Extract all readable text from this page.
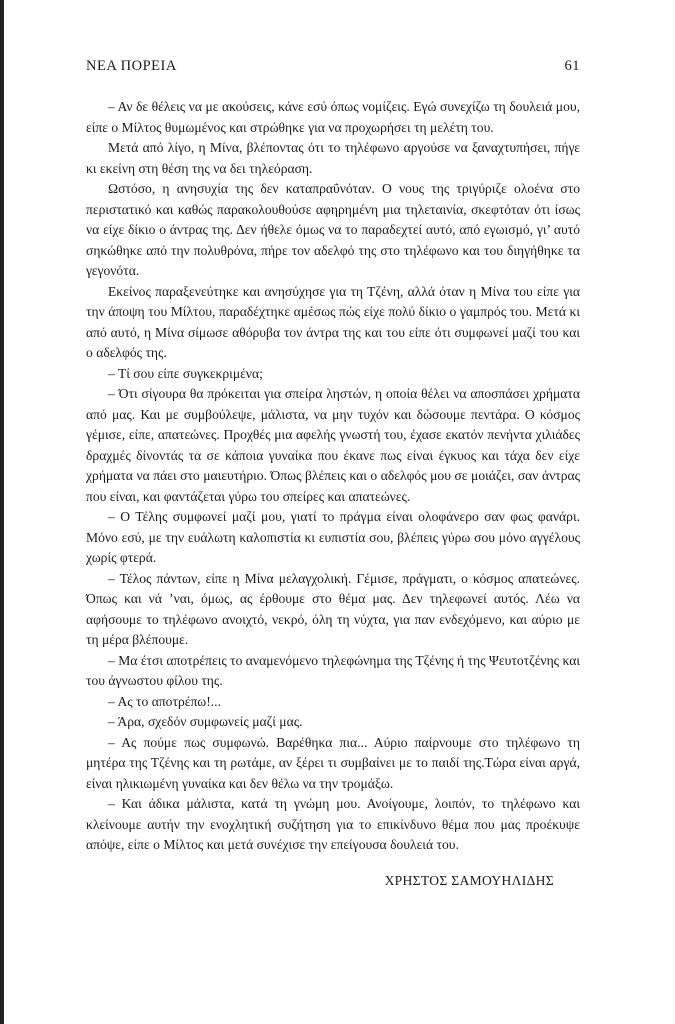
ΝΕΑ ΠΟΡΕΙΑ	61

– Αν δε θέλεις να με ακούσεις, κάνε εσύ όπως νομίζεις. Εγώ συνεχίζω τη δουλειά μου, είπε ο Μίλτος θυμωμένος και στρώθηκε για να προχωρήσει τη μελέτη του.

Μετά από λίγο, η Μίνα, βλέποντας ότι το τηλέφωνο αργούσε να ξαναχτυπήσει, πήγε κι εκείνη στη θέση της να δει τηλεόραση.

Ωστόσο, η ανησυχία της δεν καταπραΰνόταν. Ο νους της τριγύριζε ολοένα στο περιστατικό και καθώς παρακολουθούσε αφηρημένη μια τηλεταινία, σκεφτόταν ότι ίσως να είχε δίκιο ο άντρας της. Δεν ήθελε όμως να το παραδεχτεί αυτό, από εγωισμό, γι’ αυτό σηκώθηκε από την πολυθρόνα, πήρε τον αδελφό της στο τηλέφωνο και του διηγήθηκε τα γεγονότα.

Εκείνος παραξενεύτηκε και ανησύχησε για τη Τζένη, αλλά όταν η Μίνα του είπε για την άποψη του Μίλτου, παραδέχτηκε αμέσως πώς είχε πολύ δίκιο ο γαμπρός του. Μετά κι από αυτό, η Μίνα σίμωσε αθόρυβα τον άντρα της και του είπε ότι συμφωνεί μαζί του και ο αδελφός της.

– Τί σου είπε συγκεκριμένα;

– Ότι σίγουρα θα πρόκειται για σπείρα ληστών, η οποία θέλει να αποσπάσει χρήματα από μας. Και με συμβούλεψε, μάλιστα, να μην τυχόν και δώσουμε πεντάρα. Ο κόσμος γέμισε, είπε, απατεώνες. Προχθές μια αφελής γνωστή του, έχασε εκατόν πενήντα χιλιάδες δραχμές δίνοντάς τα σε κάποια γυναίκα που έκανε πως είναι έγκυος και τάχα δεν είχε χρήματα να πάει στο μαιευτήριο. Όπως βλέπεις και ο αδελφός μου σε μοιάζει, σαν άντρας που είναι, και φαντάζεται γύρω του σπείρες και απατεώνες.

– Ο Τέλης συμφωνεί μαζί μου, γιατί το πράγμα είναι ολοφάνερο σαν φως φανάρι. Μόνο εσύ, με την ευάλωτη καλοπιστία κι ευπιστία σου, βλέπεις γύρω σου μόνο αγγέλους χωρίς φτερά.

– Τέλος πάντων, είπε η Μίνα μελαγχολική. Γέμισε, πράγματι, ο κόσμος απατεώνες. Όπως και νά ’ναι, όμως, ας έρθουμε στο θέμα μας. Δεν τηλεφωνεί αυτός. Λέω να αφήσουμε το τηλέφωνο ανοιχτό, νεκρό, όλη τη νύχτα, για παν ενδεχόμενο, και αύριο με τη μέρα βλέπουμε.

– Μα έτσι αποτρέπεις το αναμενόμενο τηλεφώνημα της Τζένης ή της Ψευτοτζένης και του άγνωστου φίλου της.

– Ας το αποτρέπω!...

– Άρα, σχεδόν συμφωνείς μαζί μας.

– Ας πούμε πως συμφωνώ. Βαρέθηκα πια... Αύριο παίρνουμε στο τηλέφωνο τη μητέρα της Τζένης και τη ρωτάμε, αν ξέρει τι συμβαίνει με το παιδί της.Τώρα είναι αργά, είναι ηλικιωμένη γυναίκα και δεν θέλω να την τρομάξω.

– Και άδικα μάλιστα, κατά τη γνώμη μου. Ανοίγουμε, λοιπόν, το τηλέφωνο και κλείνουμε αυτήν την ενοχλητική συζήτηση για το επικίνδυνο θέμα που μας προέκυψε απόψε, είπε ο Μίλτος και μετά συνέχισε την επείγουσα δουλειά του.

ΧΡΗΣΤΟΣ ΣΑΜΟΥΗΛΙΔΗΣ
